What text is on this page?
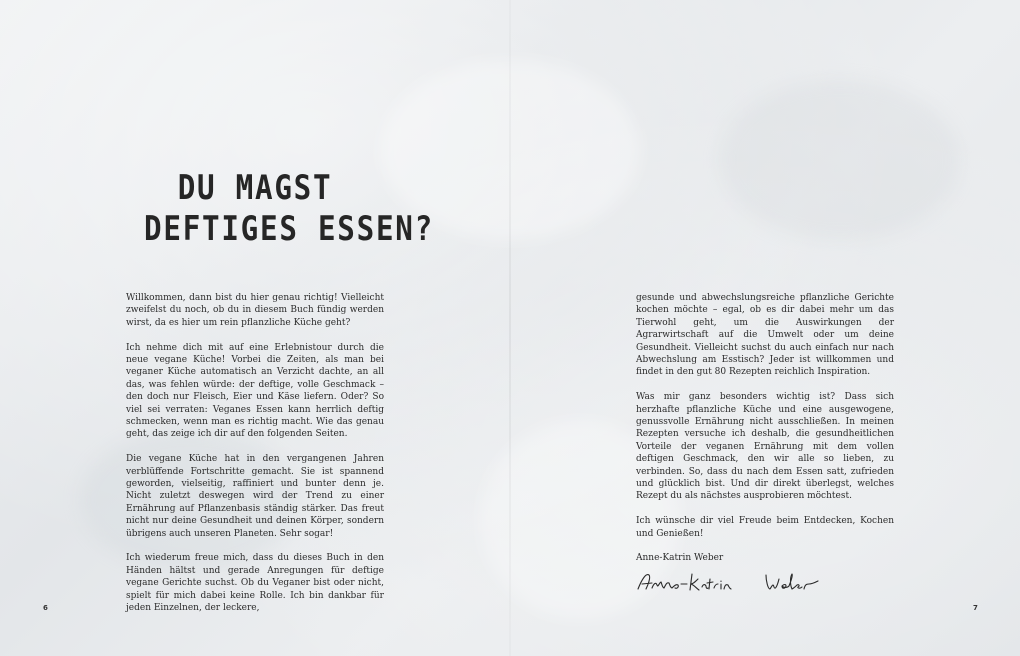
DU MAGST
DEFTIGES ESSEN?

Willkommen, dann bist du hier genau richtig! Vielleicht zweifelst du noch, ob du in diesem Buch fündig werden wirst, da es hier um rein pflanzliche Küche geht?

Ich nehme dich mit auf eine Erlebnistour durch die neue vegane Küche! Vorbei die Zeiten, als man bei veganer Küche automatisch an Verzicht dachte, an all das, was fehlen würde: der deftige, volle Geschmack – den doch nur Fleisch, Eier und Käse liefern. Oder? So viel sei verraten: Veganes Essen kann herrlich deftig schmecken, wenn man es richtig macht. Wie das genau geht, das zeige ich dir auf den folgenden Seiten.

Die vegane Küche hat in den vergangenen Jahren verblüffende Fortschritte gemacht. Sie ist spannend geworden, vielseitig, raffiniert und bunter denn je. Nicht zuletzt deswegen wird der Trend zu einer Ernährung auf Pflanzenbasis ständig stärker. Das freut nicht nur deine Gesundheit und deinen Körper, sondern übrigens auch unseren Planeten. Sehr sogar!

Ich wiederum freue mich, dass du dieses Buch in den Händen hältst und gerade Anregungen für deftige vegane Gerichte suchst. Ob du Veganer bist oder nicht, spielt für mich dabei keine Rolle. Ich bin dankbar für jeden Einzelnen, der leckere,

gesunde und abwechslungsreiche pflanzliche Gerichte kochen möchte – egal, ob es dir dabei mehr um das Tierwohl geht, um die Auswirkungen der Agrarwirtschaft auf die Umwelt oder um deine Gesundheit. Vielleicht suchst du auch einfach nur nach Abwechslung am Esstisch? Jeder ist willkommen und findet in den gut 80 Rezepten reichlich Inspiration.

Was mir ganz besonders wichtig ist? Dass sich herzhafte pflanzliche Küche und eine ausgewogene, genussvolle Ernährung nicht ausschließen. In meinen Rezepten versuche ich deshalb, die gesundheitlichen Vorteile der veganen Ernährung mit dem vollen deftigen Geschmack, den wir alle so lieben, zu verbinden. So, dass du nach dem Essen satt, zufrieden und glücklich bist. Und dir direkt überlegst, welches Rezept du als nächstes ausprobieren möchtest.

Ich wünsche dir viel Freude beim Entdecken, Kochen und Genießen!

Anne-Katrin Weber

6	7
